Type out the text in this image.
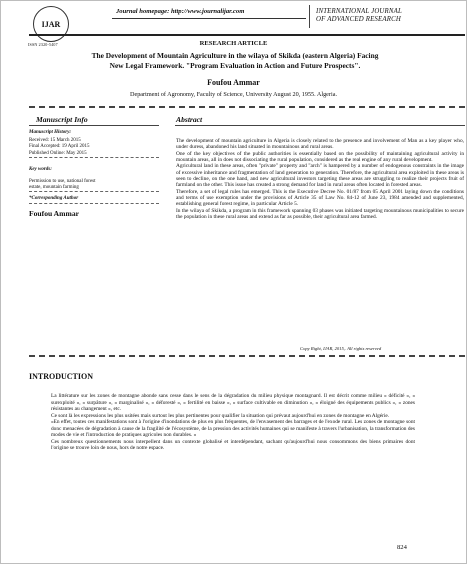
IJAR
ISSN 2320-5407
Journal homepage: http://www.journalijar.com	INTERNATIONAL JOURNAL
OF ADVANCED RESEARCH
RESEARCH ARTICLE
The Development of Mountain Agriculture in the wilaya of Skikda (eastern Algeria) Facing
New Legal Framework. "Program Evaluation in Action and Future Prospects".
Foufou Ammar
Department of Agronomy, Faculty of Science, University August 20, 1955. Algeria.
Manuscript Info
Manuscript History:
Received: 15 March 2015
Final Accepted: 19 April 2015
Published Online: May 2015
Key words:
Permission to use, national forest
estate, mountain farming
*Corresponding Author
Foufou Ammar
Abstract

The development of mountain agriculture in Algeria is closely related to the presence and involvement of Man as a key player who, under duress, abandoned his land situated in mountainous and rural areas.

One of the key objectives of the public authorities is essentially based on the possibility of maintaining agricultural activity in mountain areas, all in does not dissociating the rural population, considered as the real engine of any rural development.

Agricultural land in these areas, often "private" property and "arch" is hampered by a number of endogenous constraints in the image of excessive inheritance and fragmentation of land generation to generation. Therefore, the agricultural area exploited in these areas is seen to decline, on the one hand, and new agricultural investors targeting these areas are struggling to realize their projects fruit of farmland on the other. This issue has created a strong demand for land in rural areas often located in forested areas.

Therefore, a set of legal rules has emerged. This is the Executive Decree No. 01/87 from 05 April 2001 laying down the conditions and terms of use exemption under the provisions of Article 35 of Law No. 84-12 of June 23, 1984 amended and supplemented, establishing general forest regime, in particular Article 5.

In the wilaya of Skikda, a program in this framework spanning 03 phases was initiated targeting mountainous municipalities to secure the population in these rural areas and extend as far as possible, their agricultural area farmed.

Copy Right, IJAR, 2015,. All rights reserved
INTRODUCTION

La littérature sur les zones de montagne abonde sans cesse dans le sens de la dégradation du milieu physique montagnard. Il est décrit comme milieu « déficité », « surexploité », « surpâture », « marginalisé », « déforesté », « fertilité en baisse », « surface cultivable en diminution », « éloigné des équipements publics », « zones résistantes au changement », etc.

Ce sont là les expressions les plus usitées mais surtout les plus pertinentes pour qualifier la situation qui prévaut aujourd'hui en zones de montagne en Algérie.

«En effet, toutes ces manifestations sont à l'origine d'inondations de plus en plus fréquentes, de l'envasement des barrages et de l'exode rural. Les zones de montagne sont donc menacées de dégradation à cause de la fragilité de l'écosystème, de la pression des activités humaines qui se manifeste à travers l'urbanisation, la transformation des modes de vie et l'introduction de pratiques agricoles non durables. »

Ces nombreux questionnements nous interpellent dans un contexte globalisé et interdépendant, sachant qu'aujourd'hui nous consommons des biens primaires dont l'origine se trouve loin de nous, hors de notre espace.

824
